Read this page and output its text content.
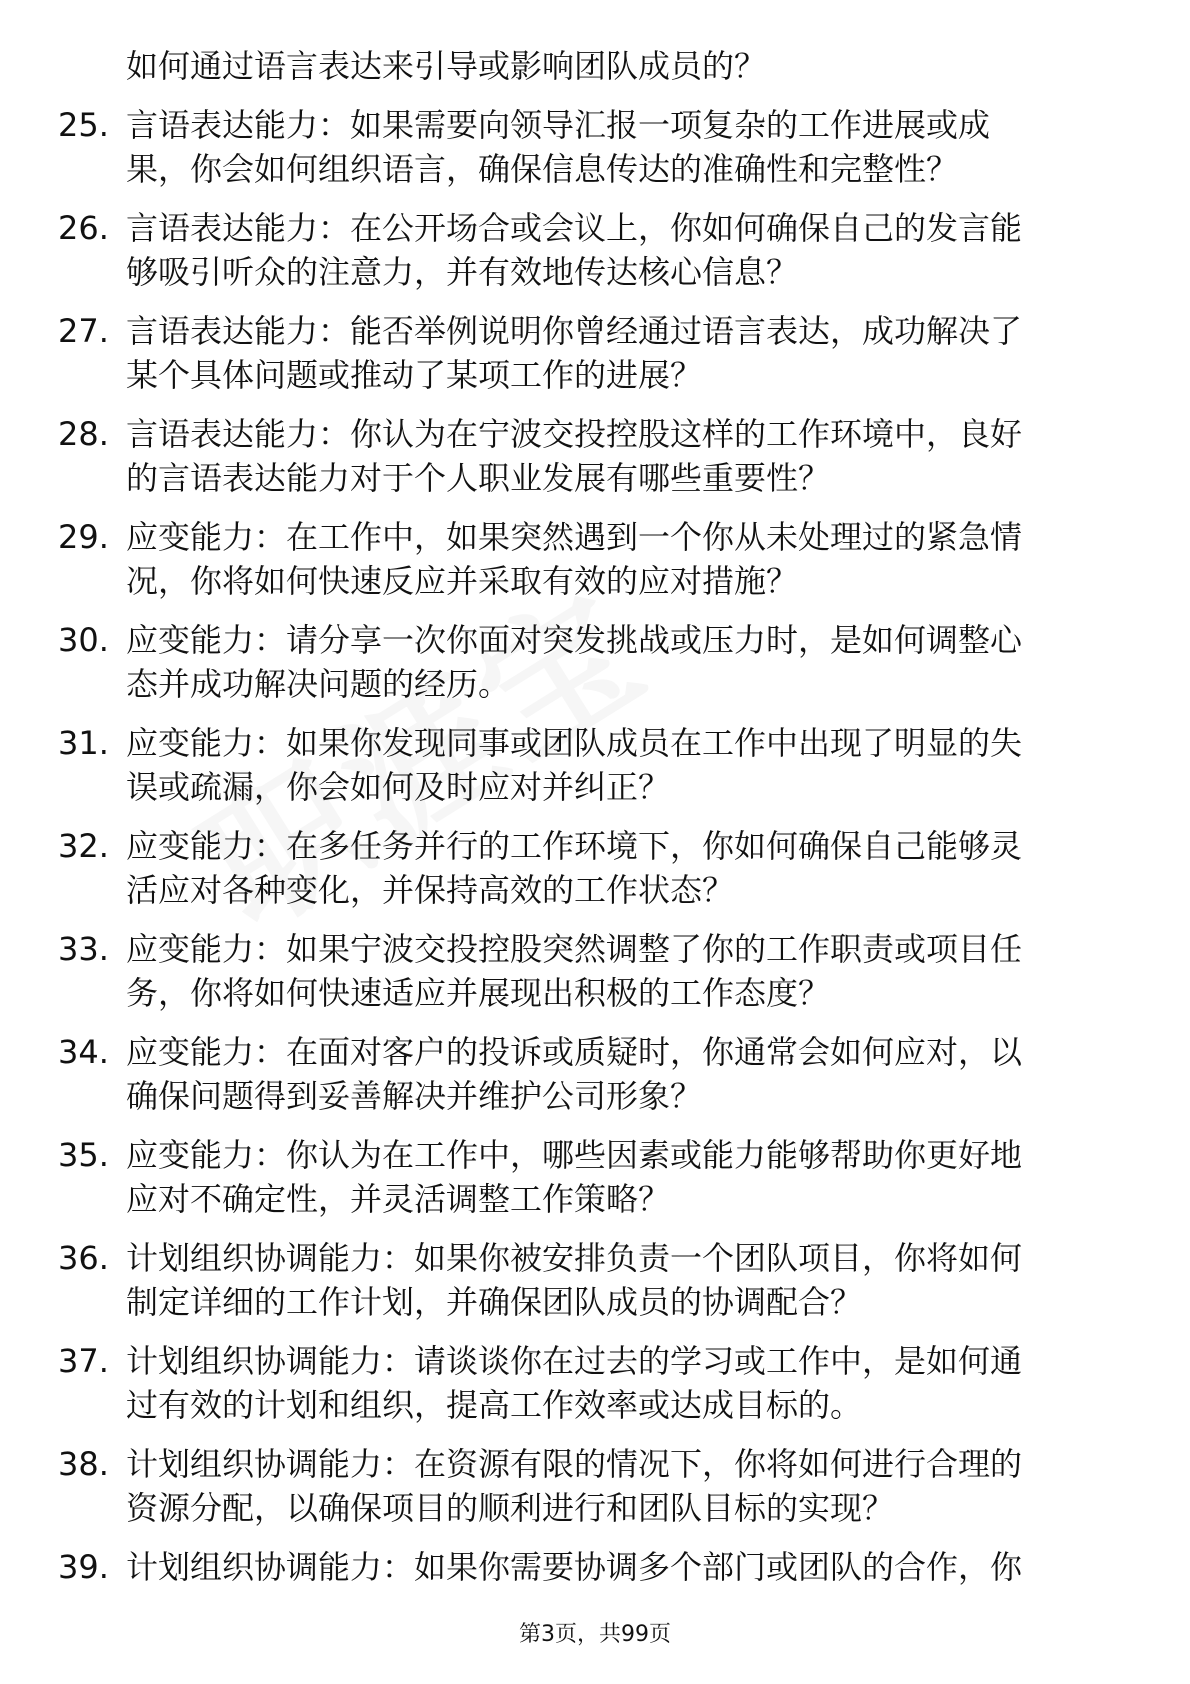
如何通过语言表达来引导或影响团队成员的？
25. 言语表达能力：如果需要向领导汇报一项复杂的工作进展或成
果，你会如何组织语言，确保信息传达的准确性和完整性？
26. 言语表达能力：在公开场合或会议上，你如何确保自己的发言能
够吸引听众的注意力，并有效地传达核心信息？
27. 言语表达能力：能否举例说明你曾经通过语言表达，成功解决了
某个具体问题或推动了某项工作的进展？
28. 言语表达能力：你认为在宁波交投控股这样的工作环境中，良好
的言语表达能力对于个人职业发展有哪些重要性？
29. 应变能力：在工作中，如果突然遇到一个你从未处理过的紧急情
况，你将如何快速反应并采取有效的应对措施？
30. 应变能力：请分享一次你面对突发挑战或压力时，是如何调整心
态并成功解决问题的经历。
31. 应变能力：如果你发现同事或团队成员在工作中出现了明显的失
误或疏漏，你会如何及时应对并纠正？
32. 应变能力：在多任务并行的工作环境下，你如何确保自己能够灵
活应对各种变化，并保持高效的工作状态？
33. 应变能力：如果宁波交投控股突然调整了你的工作职责或项目任
务，你将如何快速适应并展现出积极的工作态度？
34. 应变能力：在面对客户的投诉或质疑时，你通常会如何应对，以
确保问题得到妥善解决并维护公司形象？
35. 应变能力：你认为在工作中，哪些因素或能力能够帮助你更好地
应对不确定性，并灵活调整工作策略？
36. 计划组织协调能力：如果你被安排负责一个团队项目，你将如何
制定详细的工作计划，并确保团队成员的协调配合？
37. 计划组织协调能力：请谈谈你在过去的学习或工作中，是如何通
过有效的计划和组织，提高工作效率或达成目标的。
38. 计划组织协调能力：在资源有限的情况下，你将如何进行合理的
资源分配，以确保项目的顺利进行和团队目标的实现？
39. 计划组织协调能力：如果你需要协调多个部门或团队的合作，你
第3页，共99页
